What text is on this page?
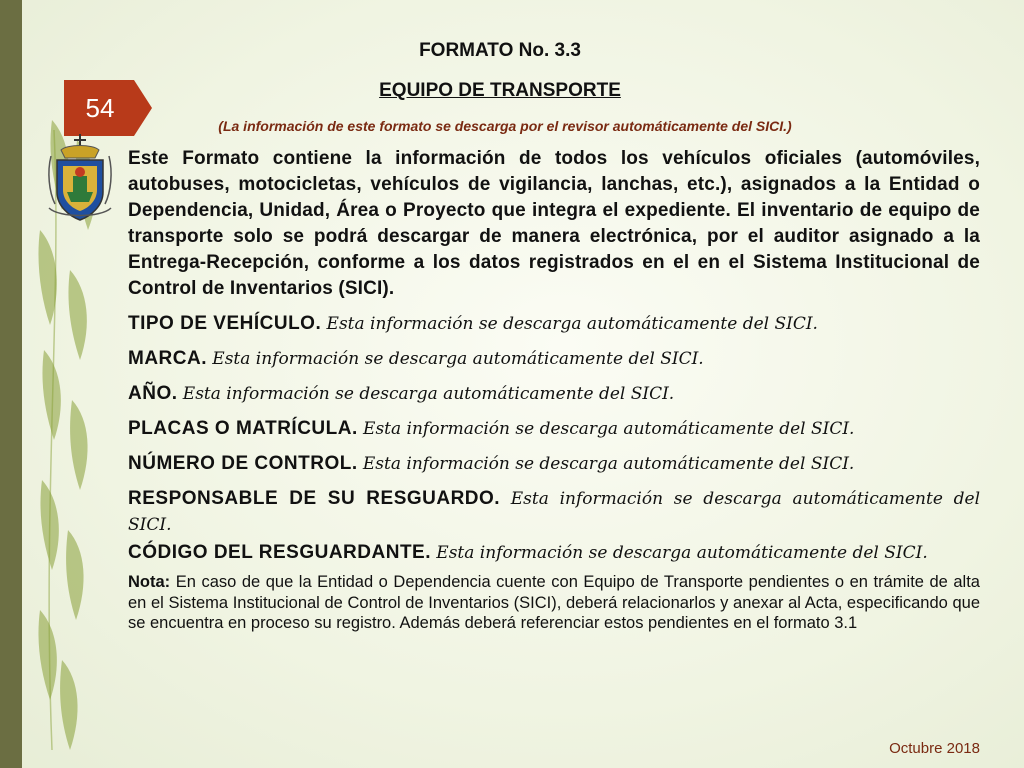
54
FORMATO No. 3.3
EQUIPO DE TRANSPORTE
(La información de este formato se descarga por el revisor automáticamente del SICI.)

Este Formato contiene la información de todos los vehículos oficiales (automóviles, autobuses, motocicletas, vehículos de vigilancia, lanchas, etc.), asignados a la Entidad o Dependencia, Unidad, Área o Proyecto que integra el expediente. El inventario de equipo de transporte solo se podrá descargar de manera electrónica, por el auditor asignado a la Entrega-Recepción, conforme a los datos registrados en el en el Sistema Institucional de Control de Inventarios (SICI).

TIPO DE VEHÍCULO. Esta información se descarga automáticamente del SICI.

MARCA. Esta información se descarga automáticamente del SICI.

AÑO. Esta información se descarga automáticamente del SICI.

PLACAS O MATRÍCULA. Esta información se descarga automáticamente del SICI.

NÚMERO DE CONTROL. Esta información se descarga automáticamente del SICI.

RESPONSABLE DE SU RESGUARDO. Esta información se descarga automáticamente del SICI.

CÓDIGO DEL RESGUARDANTE. Esta información se descarga automáticamente del SICI.

Nota: En caso de que la Entidad o Dependencia cuente con Equipo de Transporte pendientes o en trámite de alta en el Sistema Institucional de Control de Inventarios (SICI), deberá relacionarlos y anexar al Acta, especificando que se encuentra en proceso su registro. Además deberá referenciar estos pendientes en el formato 3.1

Octubre 2018
